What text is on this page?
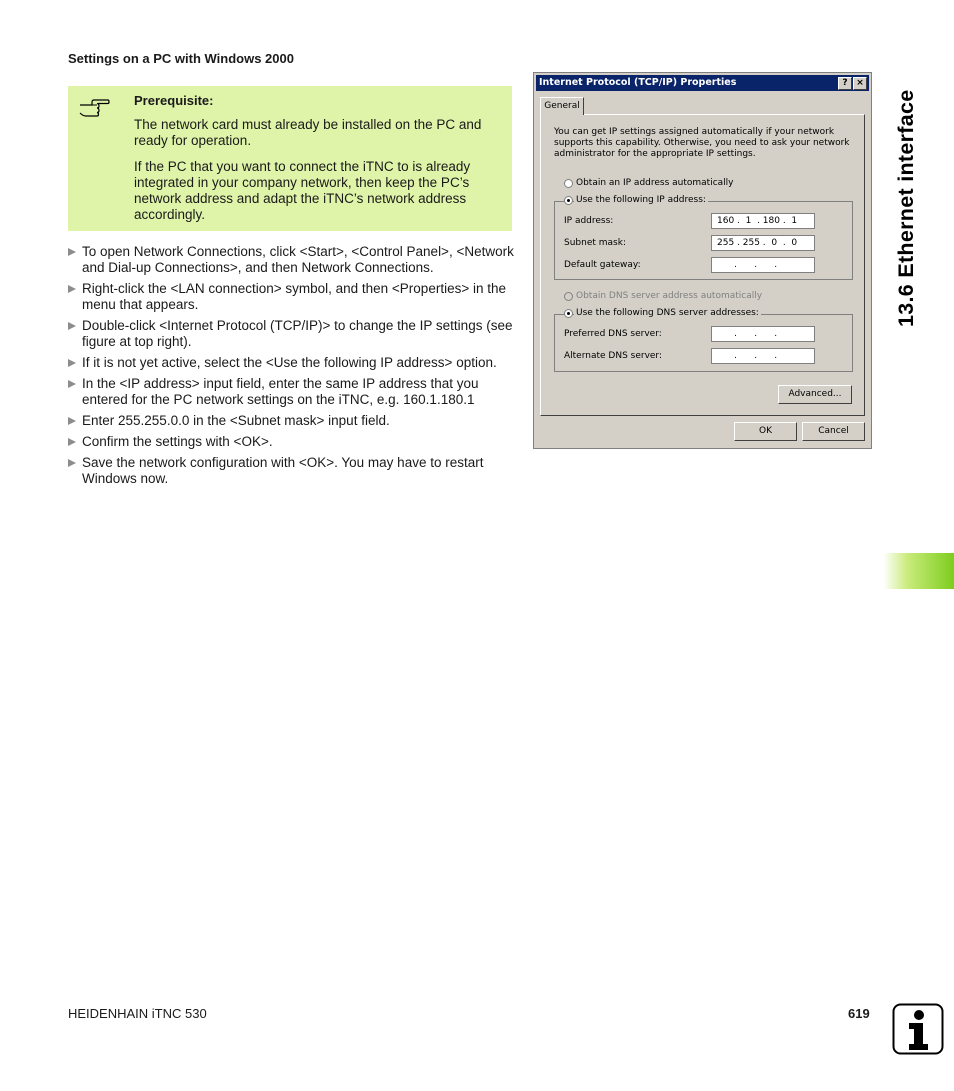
Settings on a PC with Windows 2000
Prerequisite:
The network card must already be installed on the PC and ready for operation.
If the PC that you want to connect the iTNC to is already integrated in your company network, then keep the PC’s network address and adapt the iTNC’s network address accordingly.
To open Network Connections, click <Start>, <Control Panel>, <Network and Dial-up Connections>, and then Network Connections.
Right-click the <LAN connection> symbol, and then <Properties> in the menu that appears.
Double-click <Internet Protocol (TCP/IP)> to change the IP settings (see figure at top right).
If it is not yet active, select the <Use the following IP address> option.
In the <IP address> input field, enter the same IP address that you entered for the PC network settings on the iTNC, e.g. 160.1.180.1
Enter 255.255.0.0 in the <Subnet mask> input field.
Confirm the settings with <OK>.
Save the network configuration with <OK>. You may have to restart Windows now.
Internet Protocol (TCP/IP) Properties	? ×
General
You can get IP settings assigned automatically if your network supports this capability. Otherwise, you need to ask your network administrator for the appropriate IP settings.
Obtain an IP address automatically
Use the following IP address:
IP address:	160 .  1  . 180 .  1
Subnet mask:	255 . 255 .  0  .  0
Default gateway:	.      .      .
Obtain DNS server address automatically
Use the following DNS server addresses:
Preferred DNS server:	.      .      .
Alternate DNS server:	.      .      .
Advanced...
OK	Cancel
13.6 Ethernet interface
HEIDENHAIN iTNC 530	619
